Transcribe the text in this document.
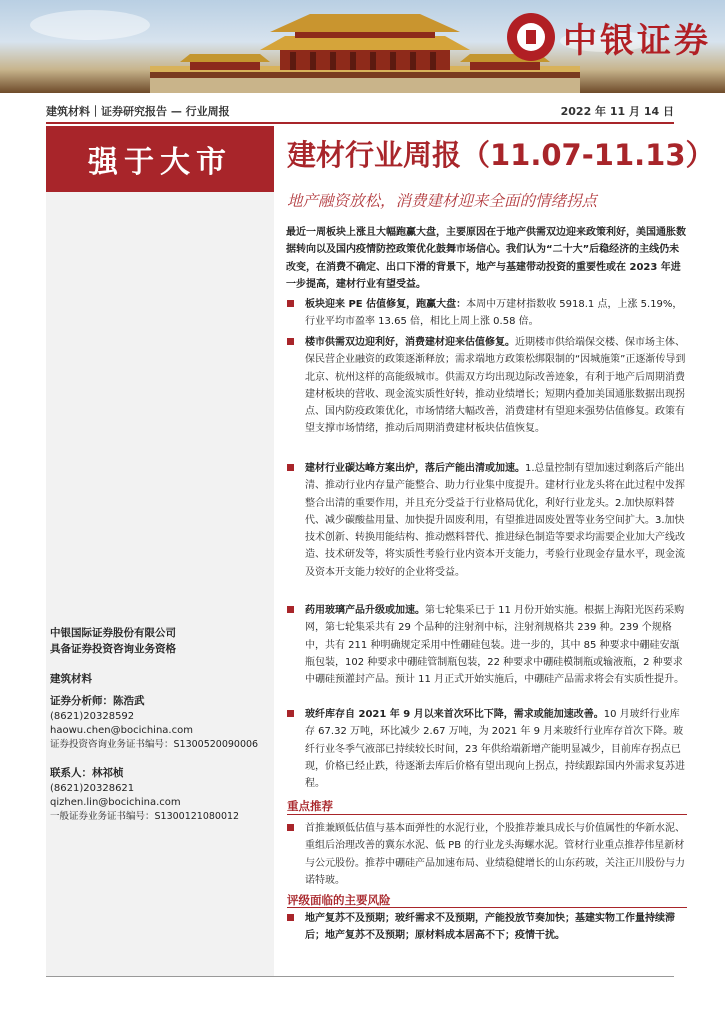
中银证券
建筑材料｜证券研究报告 — 行业周报	2022 年 11 月 14 日
强于大市
中银国际证券股份有限公司
具备证券投资咨询业务资格
建筑材料
证券分析师：陈浩武
(8621)20328592
haowu.chen@bocichina.com
证券投资咨询业务证书编号：S1300520090006
联系人：林祁桢
(8621)20328621
qizhen.lin@bocichina.com
一般证券业务证书编号：S1300121080012
建材行业周报（11.07-11.13）
地产融资放松，消费建材迎来全面的情绪拐点
最近一周板块上涨且大幅跑赢大盘，主要原因在于地产供需双边迎来政策利好，美国通胀数据转向以及国内疫情防控政策优化鼓舞市场信心。我们认为“二十大”后稳经济的主线仍未改变，在消费不确定、出口下滑的背景下，地产与基建带动投资的重要性或在 2023 年进一步提高，建材行业有望受益。
板块迎来 PE 估值修复，跑赢大盘：本周中万建材指数收 5918.1 点，上涨 5.19%，行业平均市盈率 13.65 倍，相比上周上涨 0.58 倍。
楼市供需双边迎利好，消费建材迎来估值修复。近期楼市供给端保交楼、保市场主体、保民营企业融资的政策逐渐释放；需求端地方政策松绑限制的“因城施策”正逐渐传导到北京、杭州这样的高能级城市。供需双方均出现边际改善迹象，有利于地产后周期消费建材板块的营收、现金流实质性好转，推动业绩增长；短期内叠加美国通胀数据出现拐点、国内防疫政策优化，市场情绪大幅改善，消费建材有望迎来强势估值修复。政策有望支撑市场情绪，推动后周期消费建材板块估值恢复。
建材行业碳达峰方案出炉，落后产能出清或加速。1.总量控制有望加速过剩落后产能出清、推动行业内存量产能整合、助力行业集中度提升。建材行业龙头将在此过程中发挥整合出清的重要作用，并且充分受益于行业格局优化，利好行业龙头。2.加快原料替代、减少碳酸盐用量、加快提升固废利用，有望推进固废处置等业务空间扩大。3.加快技术创新、转换用能结构、推动燃料替代、推进绿色制造等要求均需要企业加大产线改造、技术研发等，将实质性考验行业内资本开支能力，考验行业现金存量水平，现金流及资本开支能力较好的企业将受益。
药用玻璃产品升级或加速。第七轮集采已于 11 月份开始实施。根据上海阳光医药采购网，第七轮集采共有 29 个品种的注射剂中标，注射剂规格共 239 种。239 个规格中，共有 211 种明确规定采用中性硼硅包装。进一步的，其中 85 种要求中硼硅安瓿瓶包装，102 种要求中硼硅管制瓶包装，22 种要求中硼硅模制瓶或输液瓶，2 种要求中硼硅预灌封产品。预计 11 月正式开始实施后，中硼硅产品需求将会有实质性提升。
玻纤库存自 2021 年 9 月以来首次环比下降，需求或能加速改善。10 月玻纤行业库存 67.32 万吨，环比减少 2.67 万吨，为 2021 年 9 月来玻纤行业库存首次下降。玻纤行业冬季气液部已持续较长时间，23 年供给端新增产能明显减少，目前库存拐点已现，价格已经止跌，待逐渐去库后价格有望出现向上拐点，持续跟踪国内外需求复苏进程。
重点推荐
首推兼顾低估值与基本面弹性的水泥行业，个股推荐兼具成长与价值属性的华新水泥、重组后治理改善的冀东水泥、低 PB 的行业龙头海螺水泥。管材行业重点推荐伟星新材与公元股份。推荐中硼硅产品加速布局、业绩稳健增长的山东药玻，关注正川股份与力诺特玻。
评级面临的主要风险
地产复苏不及预期；玻纤需求不及预期，产能投放节奏加快；基建实物工作量持续滞后；地产复苏不及预期；原材料成本居高不下；疫情干扰。
